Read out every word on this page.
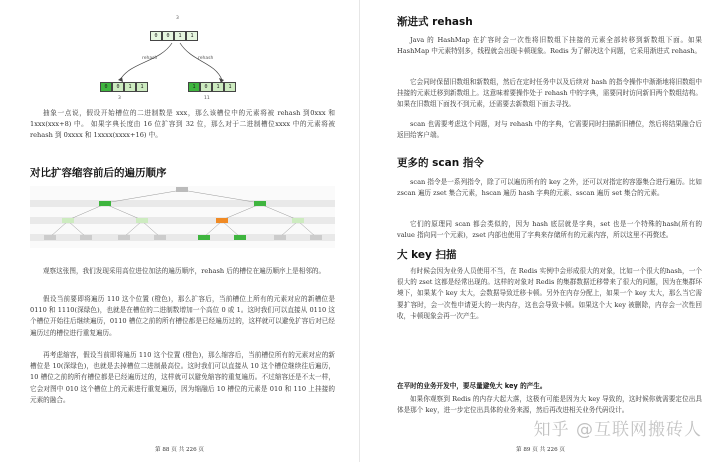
3
0	0	1	1
rehash	rehash
0	0	1	1	1	0	1	1
3	11
抽象一点说，假设开始槽位的二进制数是 xxx，那么该槽位中的元素将被 rehash 到0xxx 和 1xxx(xxx+8) 中。 如果字典长度由 16 位扩容到 32 位，那么对于二进制槽位xxxx 中的元素将被 rehash 到 0xxxx 和 1xxxx(xxxx+16) 中。
对比扩容缩容前后的遍历顺序
观察这张图，我们发现采用高位进位加法的遍历顺序，rehash 后的槽位在遍历顺序上是相邻的。
假设当前要即将遍历 110 这个位置 (橙色)，那么扩容后，当前槽位上所有的元素对应的新槽位是 0110 和 1110(深绿色)，也就是在槽位的二进制数增加一个高位 0 或 1。这时我们可以直接从 0110 这个槽位开始往后继续遍历，0110 槽位之前的所有槽位都是已经遍历过的，这样就可以避免扩容后对已经遍历过的槽位进行重复遍历。
再考虑缩容，假设当前即将遍历 110 这个位置 (橙色)，那么缩容后，当前槽位所有的元素对应的新槽位是 10(深绿色)，也就是去掉槽位二进制最高位。这时我们可以直接从 10 这个槽位继续往后遍历，10 槽位之前的所有槽位都是已经遍历过的，这样就可以避免缩容的重复遍历。不过缩容还是不太一样，它会对图中 010 这个槽位上的元素进行重复遍历，因为缩融后 10 槽位的元素是 010 和 110 上挂接的元素的融合。
第 88 页 共 226 页
渐进式 rehash
Java 的 HashMap 在扩容时会一次性将旧数组下挂接的元素全部转移到新数组下面。如果 HashMap 中元素特别多，线程就会出现卡顿现象。Redis 为了解决这个问题，它采用渐进式 rehash。
它会同时保留旧数组和新数组，然后在定时任务中以及后续对 hash 的指令操作中渐渐地将旧数组中挂接的元素迁移到新数组上。这意味着要操作处于 rehash 中的字典，需要同时访问新旧两个数组结构。如果在旧数组下面找不到元素，还需要去新数组下面去寻找。
scan 也需要考虑这个问题，对与 rehash 中的字典，它需要同时扫描新旧槽位，然后将结果融合后返回给客户端。
更多的 scan 指令
scan 指令是一系列指令，除了可以遍历所有的 key 之外，还可以对指定的容器集合进行遍历。比如 zscan 遍历 zset 集合元素，hscan 遍历 hash 字典的元素、sscan 遍历 set 集合的元素。
它们的原理同 scan 都会类似的，因为 hash 底层就是字典，set 也是一个特殊的hash(所有的 value 指向同一个元素)，zset 内部也使用了字典来存储所有的元素内容，所以这里不再赘述。
大 key 扫描
有时候会因为业务人员使用不当，在 Redis 实例中会形成很大的对象，比如一个很大的hash，一个很大的 zset 这都是经常出现的。这样的对象对 Redis 的集群数据迁移带来了很大的问题，因为在集群环境下，如果某个 key 太大，会数据导致迁移卡顿。另外在内存分配上，如果一个 key 太大，那么当它需要扩容时，会一次性申请更大的一块内存，这也会导致卡顿。如果这个大 key 被删除，内存会一次性回收，卡顿现象会再一次产生。
在平时的业务开发中，要尽量避免大 key 的产生。
如果你观察到 Redis 的内存大起大落，这极有可能是因为大 key 导致的，这时候你就需要定位出具体是那个 key，进一步定位出具体的业务来源，然后再改进相关业务代码设计。
第 89 页 共 226 页
知乎 @互联网搬砖人
